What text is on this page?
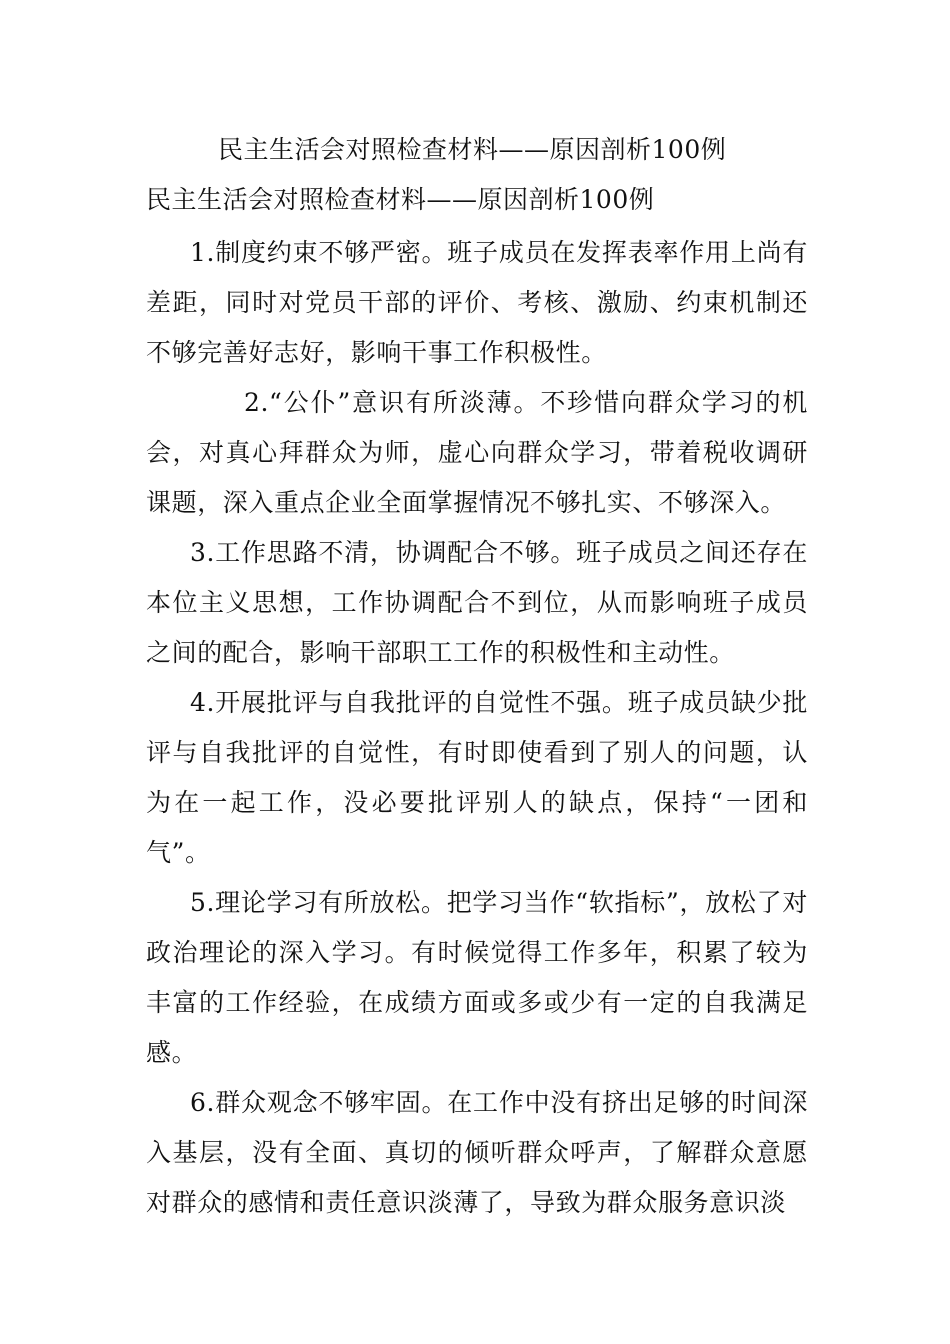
民主生活会对照检查材料——原因剖析100例
民主生活会对照检查材料——原因剖析100例

1.制度约束不够严密。班子成员在发挥表率作用上尚有差距，同时对党员干部的评价、考核、激励、约束机制还不够完善好志好，影响干事工作积极性。

2.“公仆”意识有所淡薄。不珍惜向群众学习的机会，对真心拜群众为师，虚心向群众学习，带着税收调研课题，深入重点企业全面掌握情况不够扎实、不够深入。

3.工作思路不清，协调配合不够。班子成员之间还存在本位主义思想，工作协调配合不到位，从而影响班子成员之间的配合，影响干部职工工作的积极性和主动性。

4.开展批评与自我批评的自觉性不强。班子成员缺少批评与自我批评的自觉性，有时即使看到了别人的问题，认为在一起工作，没必要批评别人的缺点，保持“一团和气”。

5.理论学习有所放松。把学习当作“软指标”，放松了对政治理论的深入学习。有时候觉得工作多年，积累了较为丰富的工作经验，在成绩方面或多或少有一定的自我满足感。

6.群众观念不够牢固。在工作中没有挤出足够的时间深入基层，没有全面、真切的倾听群众呼声，了解群众意愿对群众的感情和责任意识淡薄了，导致为群众服务意识淡
